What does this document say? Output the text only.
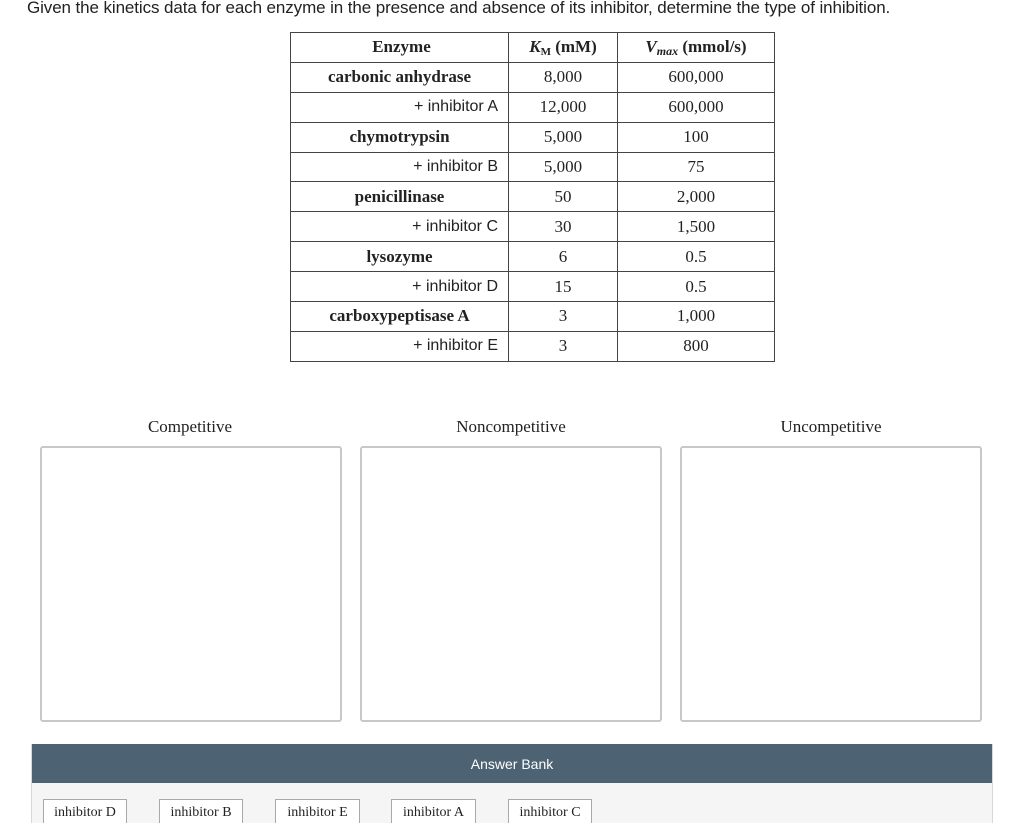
Given the kinetics data for each enzyme in the presence and absence of its inhibitor, determine the type of inhibition.
Enzyme	KM (mM)	Vmax (mmol/s)
carbonic anhydrase	8,000	600,000
+ inhibitor A	12,000	600,000
chymotrypsin	5,000	100
+ inhibitor B	5,000	75
penicillinase	50	2,000
+ inhibitor C	30	1,500
lysozyme	6	0.5
+ inhibitor D	15	0.5
carboxypeptisase A	3	1,000
+ inhibitor E	3	800
Competitive	Noncompetitive	Uncompetitive
Answer Bank
inhibitor D	inhibitor B	inhibitor E	inhibitor A	inhibitor C
